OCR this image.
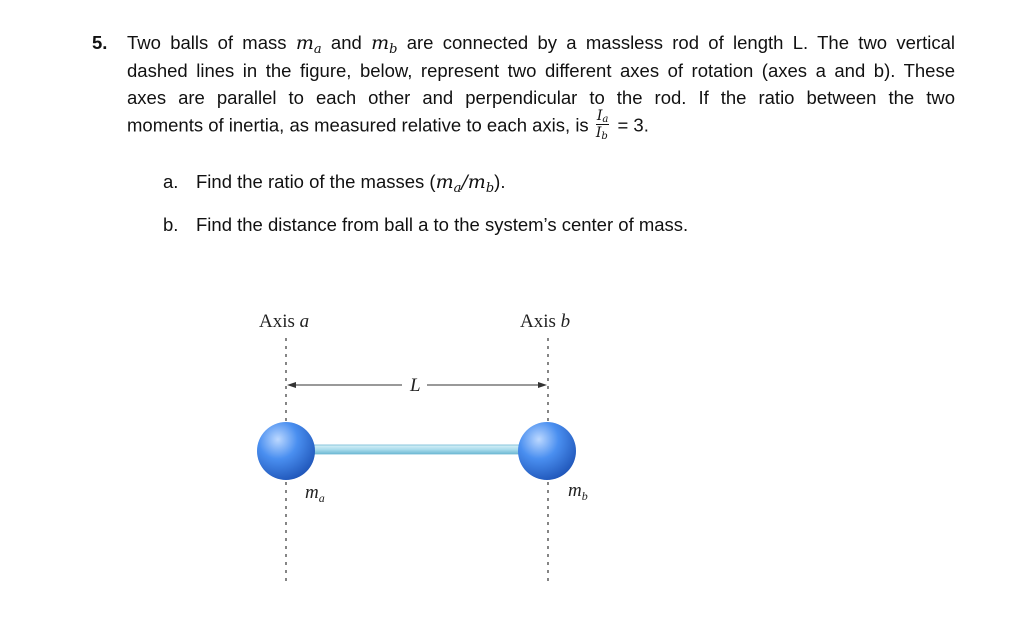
5. Two balls of mass $m_a$ and $m_b$ are connected by a massless rod of length L. The two vertical
dashed lines in the figure, below, represent two different axes of rotation (axes a and b). These
axes are parallel to each other and perpendicular to the rod. If the ratio between the two
moments of inertia, as measured relative to each axis, is $\frac{I_a}{I_b} = 3$.
a. Find the ratio of the masses $(m_a/m_b)$.
b. Find the distance from ball a to the system’s center of mass.
Axis a	Axis b
L
$m_a$	$m_b$
